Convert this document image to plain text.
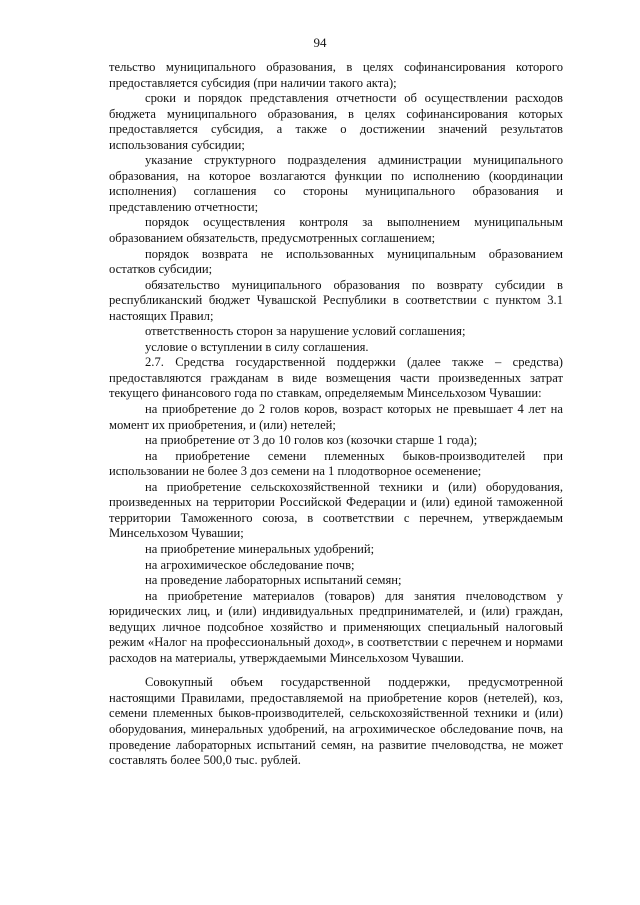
94

тельство муниципального образования, в целях софинансирования которого предоставляется субсидия (при наличии такого акта);

сроки и порядок представления отчетности об осуществлении расходов бюджета муниципального образования, в целях софинансирования которых предоставляется субсидия, а также о достижении значений результатов использования субсидии;

указание структурного подразделения администрации муниципального образования, на которое возлагаются функции по исполнению (координации исполнения) соглашения со стороны муниципального образования и представлению отчетности;

порядок осуществления контроля за выполнением муниципальным образованием обязательств, предусмотренных соглашением;

порядок возврата не использованных муниципальным образованием остатков субсидии;

обязательство муниципального образования по возврату субсидии в республиканский бюджет Чувашской Республики в соответствии с пунктом 3.1 настоящих Правил;

ответственность сторон за нарушение условий соглашения;

условие о вступлении в силу соглашения.

2.7. Средства государственной поддержки (далее также – средства) предоставляются гражданам в виде возмещения части произведенных затрат текущего финансового года по ставкам, определяемым Минсельхозом Чувашии:

на приобретение до 2 голов коров, возраст которых не превышает 4 лет на момент их приобретения, и (или) нетелей;

на приобретение от 3 до 10 голов коз (козочки старше 1 года);

на приобретение семени племенных быков-производителей при использовании не более 3 доз семени на 1 плодотворное осеменение;

на приобретение сельскохозяйственной техники и (или) оборудования, произведенных на территории Российской Федерации и (или) единой таможенной территории Таможенного союза, в соответствии с перечнем, утверждаемым Минсельхозом Чувашии;

на приобретение минеральных удобрений;

на агрохимическое обследование почв;

на проведение лабораторных испытаний семян;

на приобретение материалов (товаров) для занятия пчеловодством у юридических лиц, и (или) индивидуальных предпринимателей, и (или) граждан, ведущих личное подсобное хозяйство и применяющих специальный налоговый режим «Налог на профессиональный доход», в соответствии с перечнем и нормами расходов на материалы, утверждаемыми Минсельхозом Чувашии.

Совокупный объем государственной поддержки, предусмотренной настоящими Правилами, предоставляемой на приобретение коров (нетелей), коз, семени племенных быков-производителей, сельскохозяйственной техники и (или) оборудования, минеральных удобрений, на агрохимическое обследование почв, на проведение лабораторных испытаний семян, на развитие пчеловодства, не может составлять более 500,0 тыс. рублей.
